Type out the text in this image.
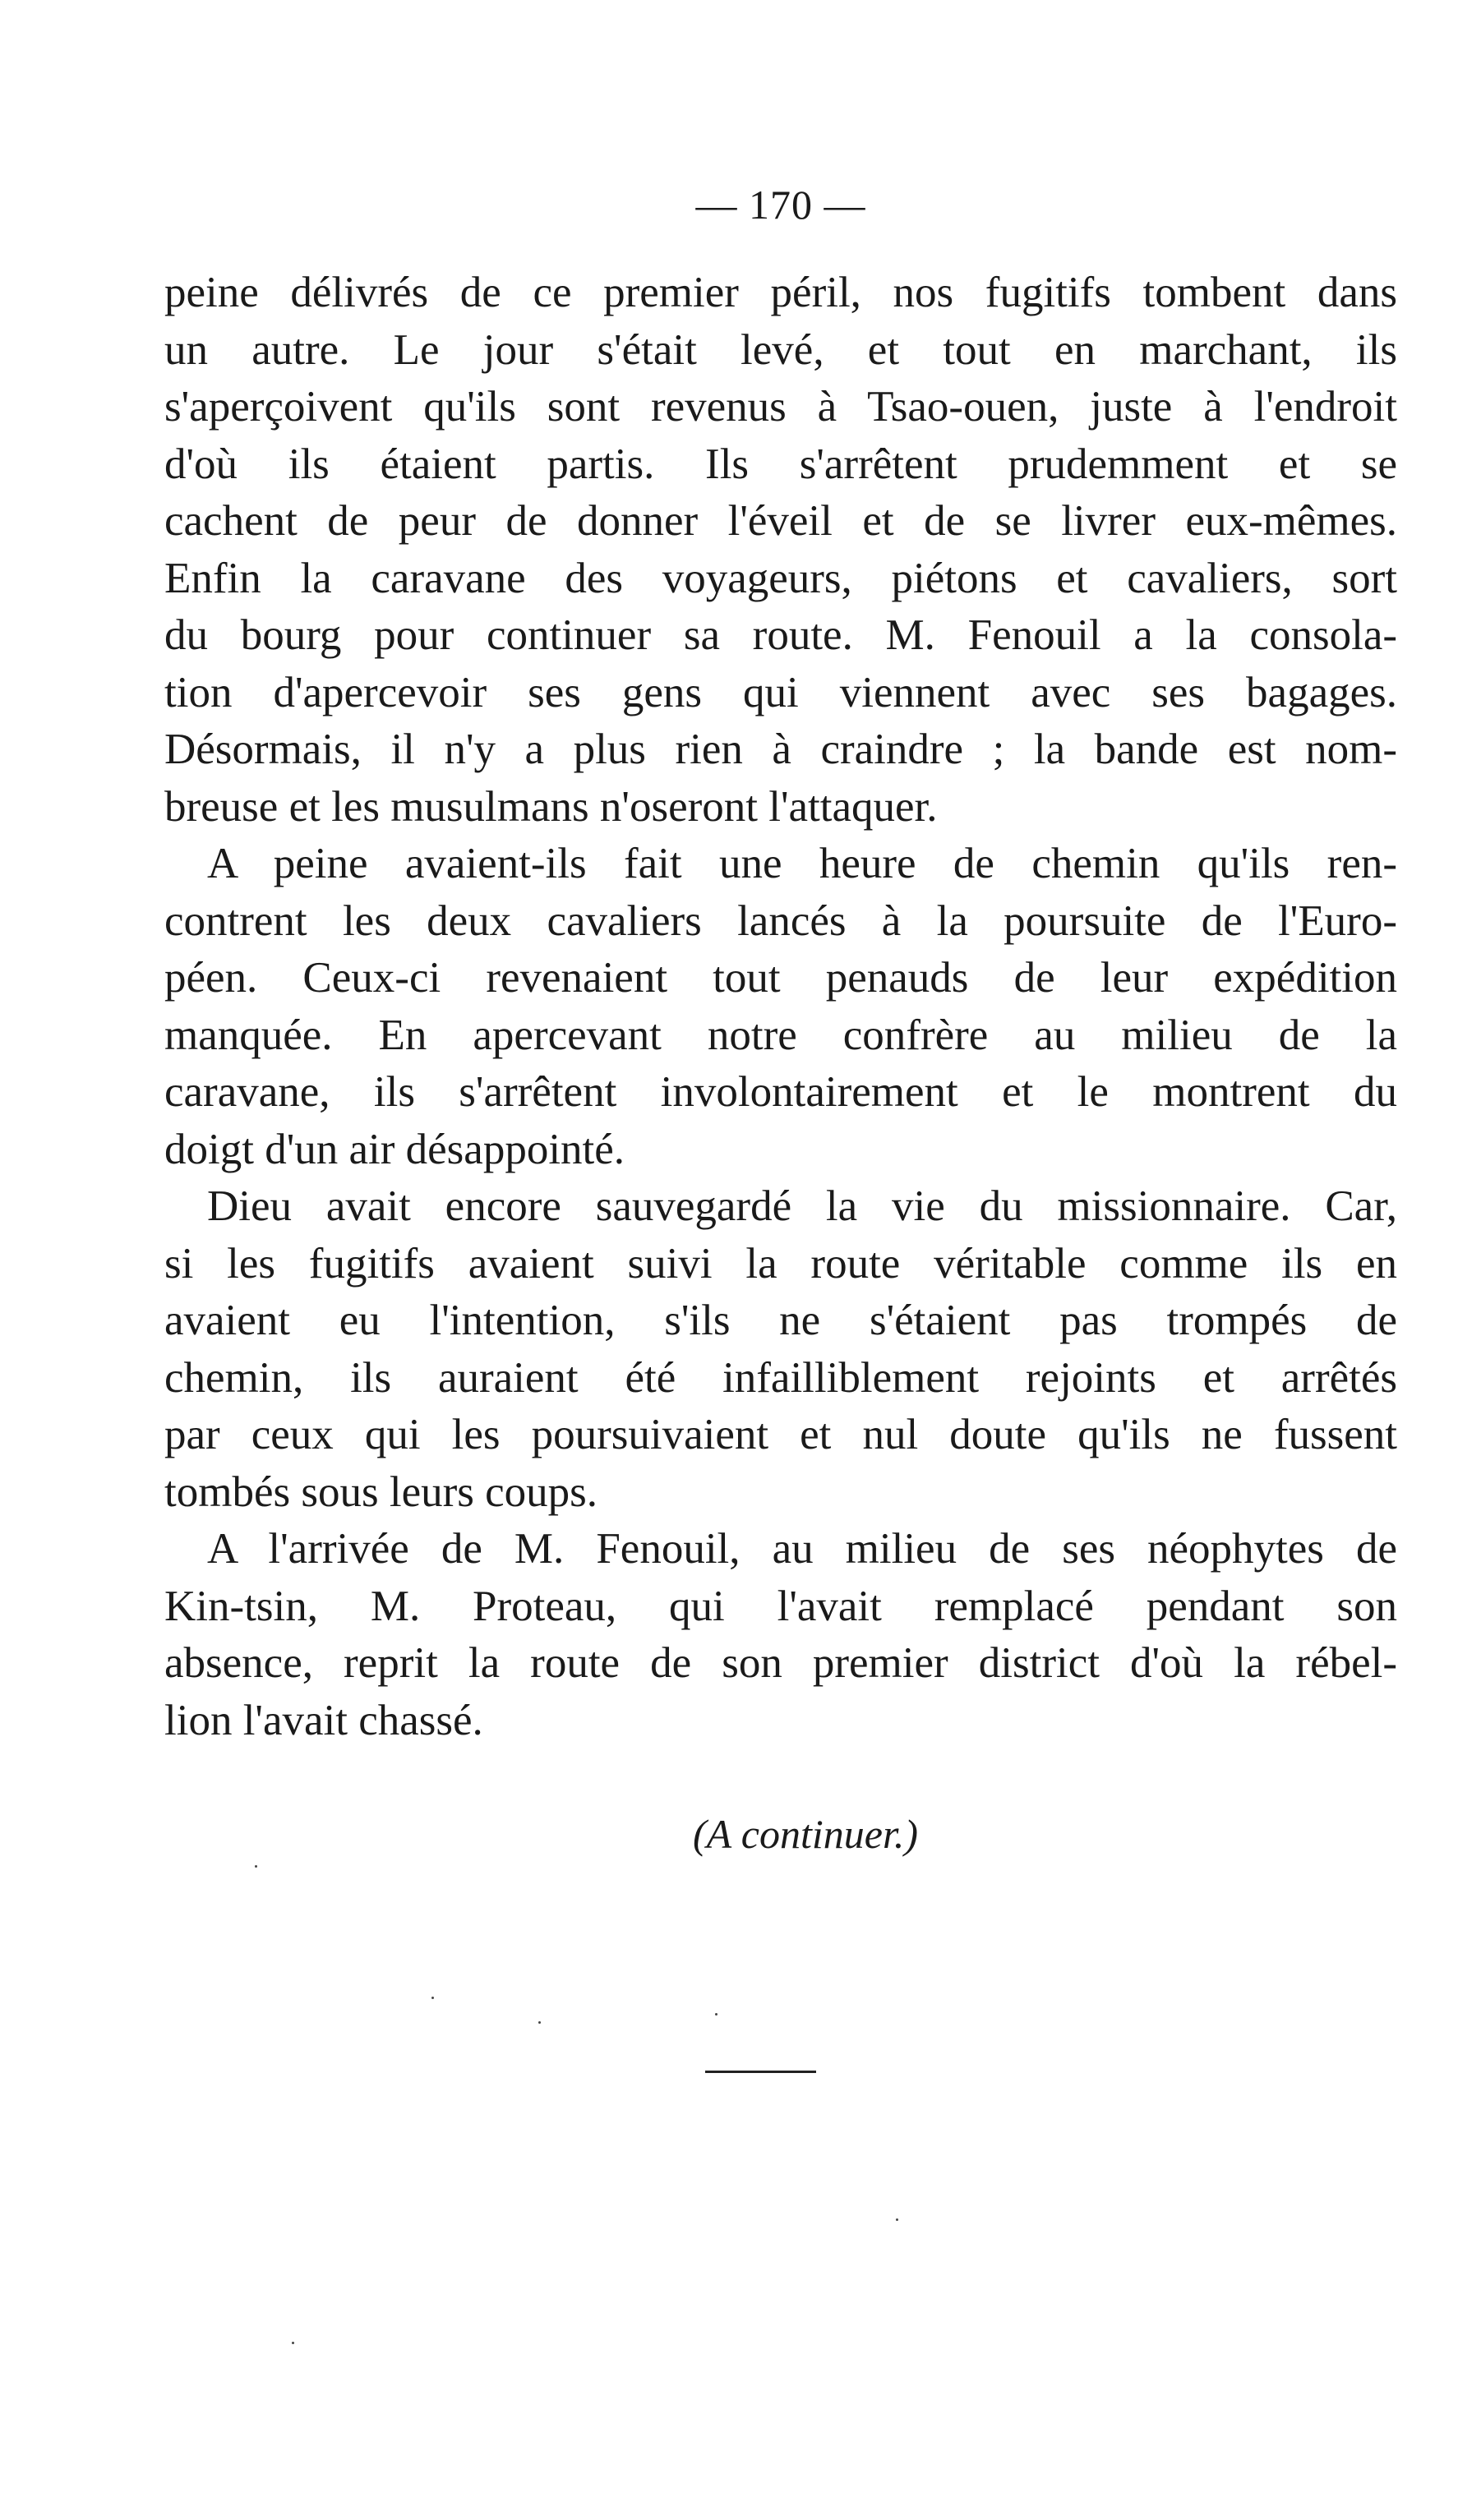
— 170 —
peine délivrés de ce premier péril, nos fugitifs tombent dans
un autre. Le jour s'était levé, et tout en marchant, ils
s'aperçoivent qu'ils sont revenus à Tsao-ouen, juste à l'endroit
d'où ils étaient partis. Ils s'arrêtent prudemment et se
cachent de peur de donner l'éveil et de se livrer eux-mêmes.
Enfin la caravane des voyageurs, piétons et cavaliers, sort
du bourg pour continuer sa route. M. Fenouil a la consola-
tion d'apercevoir ses gens qui viennent avec ses bagages.
Désormais, il n'y a plus rien à craindre ; la bande est nom-
breuse et les musulmans n'oseront l'attaquer.
A peine avaient-ils fait une heure de chemin qu'ils ren-
contrent les deux cavaliers lancés à la poursuite de l'Euro-
péen. Ceux-ci revenaient tout penauds de leur expédition
manquée. En apercevant notre confrère au milieu de la
caravane, ils s'arrêtent involontairement et le montrent du
doigt d'un air désappointé.
Dieu avait encore sauvegardé la vie du missionnaire. Car,
si les fugitifs avaient suivi la route véritable comme ils en
avaient eu l'intention, s'ils ne s'étaient pas trompés de
chemin, ils auraient été infailliblement rejoints et arrêtés
par ceux qui les poursuivaient et nul doute qu'ils ne fussent
tombés sous leurs coups.
A l'arrivée de M. Fenouil, au milieu de ses néophytes de
Kin-tsin, M. Proteau, qui l'avait remplacé pendant son
absence, reprit la route de son premier district d'où la rébel-
lion l'avait chassé.
(A continuer.)
